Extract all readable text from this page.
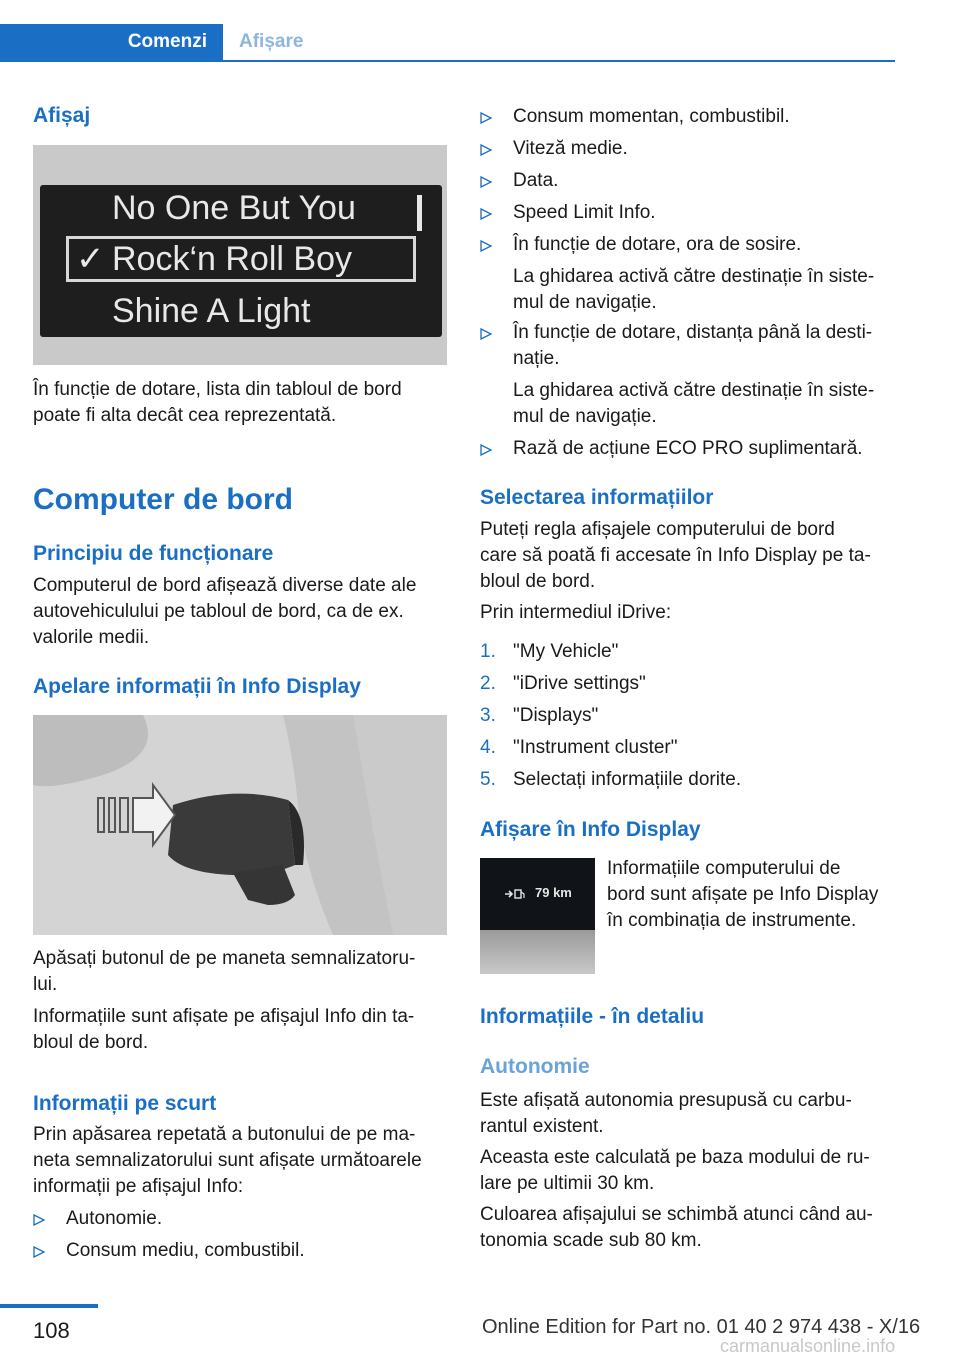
Comenzi	Afișare
Afișaj
No One But You
✓ Rock‘n Roll Boy
Shine A Light
În funcție de dotare, lista din tabloul de bord
poate fi alta decât cea reprezentată.
Computer de bord
Principiu de funcționare
Computerul de bord afișează diverse date ale
autovehiculului pe tabloul de bord, ca de ex.
valorile medii.
Apelare informații în Info Display
Apăsați butonul de pe maneta semnalizatoru‐
lui.
Informațiile sunt afișate pe afișajul Info din ta‐
bloul de bord.
Informații pe scurt
Prin apăsarea repetată a butonului de pe ma‐
neta semnalizatorului sunt afișate următoarele
informații pe afișajul Info:
Autonomie.
Consum mediu, combustibil.
Consum momentan, combustibil.
Viteză medie.
Data.
Speed Limit Info.
În funcție de dotare, ora de sosire.
La ghidarea activă către destinație în siste‐
mul de navigație.
În funcție de dotare, distanța până la desti‐
nație.
La ghidarea activă către destinație în siste‐
mul de navigație.
Rază de acțiune ECO PRO suplimentară.
Selectarea informațiilor
Puteți regla afișajele computerului de bord
care să poată fi accesate în Info Display pe ta‐
bloul de bord.
Prin intermediul iDrive:
1. "My Vehicle"
2. "iDrive settings"
3. "Displays"
4. "Instrument cluster"
5. Selectați informațiile dorite.
Afișare în Info Display
79 km
Informațiile computerului de
bord sunt afișate pe Info Display
în combinația de instrumente.
Informațiile - în detaliu
Autonomie
Este afișată autonomia presupusă cu carbu‐
rantul existent.
Aceasta este calculată pe baza modului de ru‐
lare pe ultimii 30 km.
Culoarea afișajului se schimbă atunci când au‐
tonomia scade sub 80 km.
108	Online Edition for Part no. 01 40 2 974 438 - X/16
carmanualsonline.info
